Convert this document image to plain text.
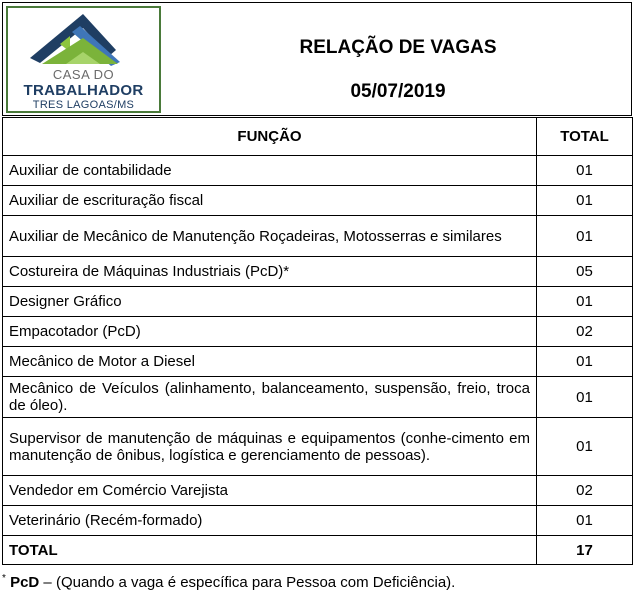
CASA DO
TRABALHADOR
TRES LAGOAS/MS
RELAÇÃO DE VAGAS
05/07/2019
FUNÇÃO	TOTAL
Auxiliar de contabilidade	01
Auxiliar de escrituração fiscal	01
Auxiliar de Mecânico de Manutenção Roçadeiras, Motosserras e similares	01
Costureira de Máquinas Industriais (PcD)*	05
Designer Gráfico	01
Empacotador (PcD)	02
Mecânico de Motor a Diesel	01
Mecânico de Veículos (alinhamento, balanceamento, suspensão, freio, troca de óleo).	01
Supervisor de manutenção de máquinas e equipamentos (conhe-cimento em manutenção de ônibus, logística e gerenciamento de pessoas).	01
Vendedor em Comércio Varejista	02
Veterinário (Recém-formado)	01
TOTAL	17
* PcD – (Quando a vaga é específica para Pessoa com Deficiência).
